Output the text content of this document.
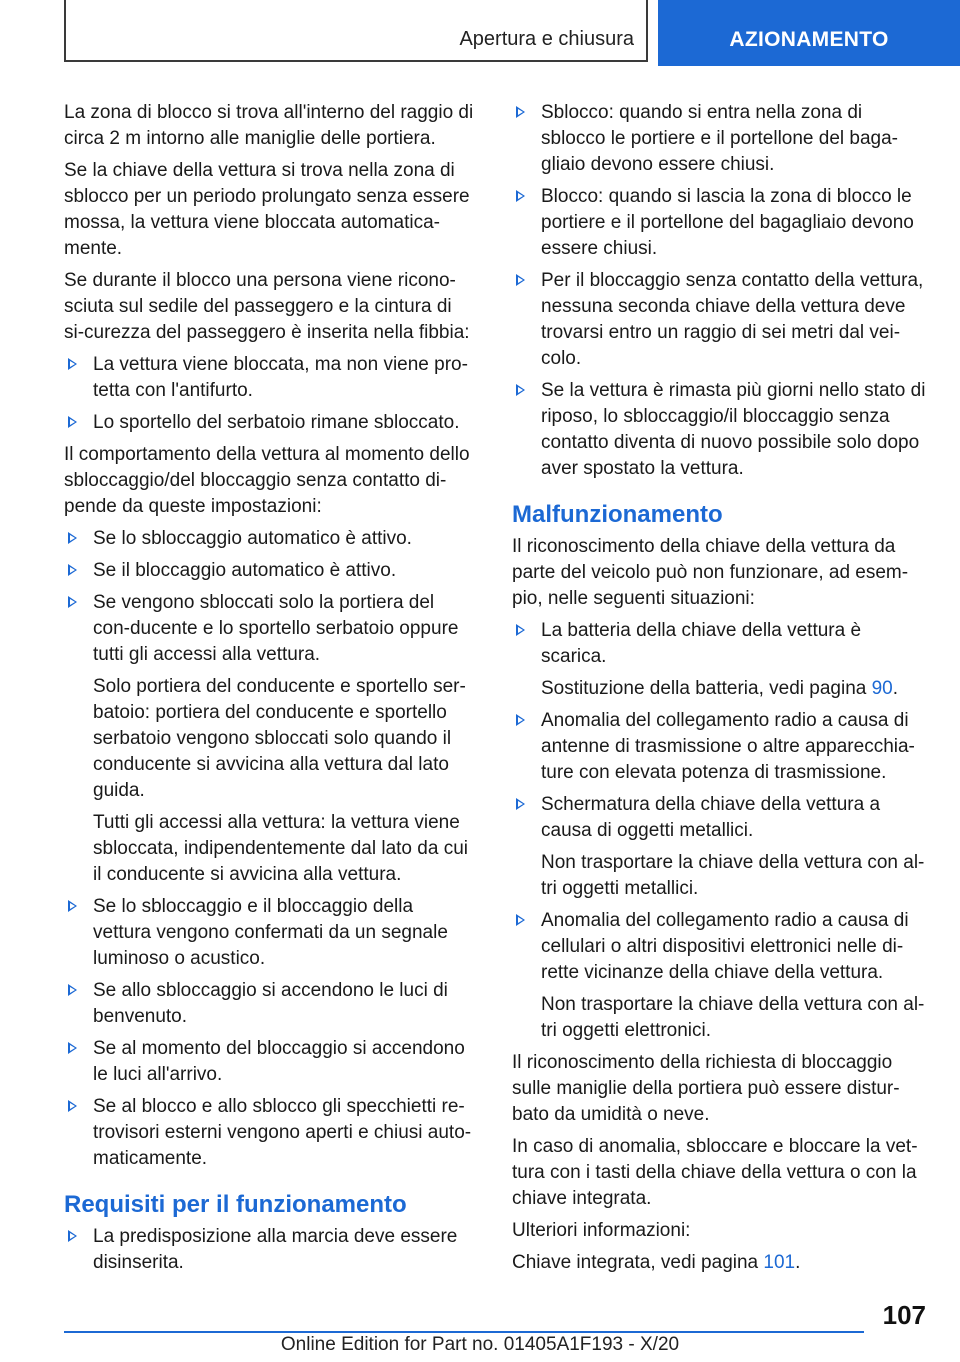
Apertura e chiusura	AZIONAMENTO

La zona di blocco si trova all'interno del raggio di circa 2 m intorno alle maniglie delle portiera.

Se la chiave della vettura si trova nella zona di sblocco per un periodo prolungato senza essere mossa, la vettura viene bloccata automatica-mente.

Se durante il blocco una persona viene ricono-sciuta sul sedile del passeggero e la cintura di si-curezza del passeggero è inserita nella fibbia:

La vettura viene bloccata, ma non viene pro-tetta con l'antifurto.
Lo sportello del serbatoio rimane sbloccato.

Il comportamento della vettura al momento dello sbloccaggio/del bloccaggio senza contatto di-pende da queste impostazioni:

Se lo sbloccaggio automatico è attivo.
Se il bloccaggio automatico è attivo.
Se vengono sbloccati solo la portiera del con-ducente e lo sportello serbatoio oppure tutti gli accessi alla vettura.
Solo portiera del conducente e sportello ser-batoio: portiera del conducente e sportello serbatoio vengono sbloccati solo quando il conducente si avvicina alla vettura dal lato guida.
Tutti gli accessi alla vettura: la vettura viene sbloccata, indipendentemente dal lato da cui il conducente si avvicina alla vettura.
Se lo sbloccaggio e il bloccaggio della vettura vengono confermati da un segnale luminoso o acustico.
Se allo sbloccaggio si accendono le luci di benvenuto.
Se al momento del bloccaggio si accendono le luci all'arrivo.
Se al blocco e allo sblocco gli specchietti re-trovisori esterni vengono aperti e chiusi auto-maticamente.
Requisiti per il funzionamento
La predisposizione alla marcia deve essere disinserita.
Sblocco: quando si entra nella zona di sblocco le portiere e il portellone del baga-gliaio devono essere chiusi.
Blocco: quando si lascia la zona di blocco le portiere e il portellone del bagagliaio devono essere chiusi.
Per il bloccaggio senza contatto della vettura, nessuna seconda chiave della vettura deve trovarsi entro un raggio di sei metri dal vei-colo.
Se la vettura è rimasta più giorni nello stato di riposo, lo sbloccaggio/il bloccaggio senza contatto diventa di nuovo possibile solo dopo aver spostato la vettura.
Malfunzionamento

Il riconoscimento della chiave della vettura da parte del veicolo può non funzionare, ad esem-pio, nelle seguenti situazioni:

La batteria della chiave della vettura è scarica.
Sostituzione della batteria, vedi pagina 90.
Anomalia del collegamento radio a causa di antenne di trasmissione o altre apparecchia-ture con elevata potenza di trasmissione.
Schermatura della chiave della vettura a causa di oggetti metallici.
Non trasportare la chiave della vettura con al-tri oggetti metallici.
Anomalia del collegamento radio a causa di cellulari o altri dispositivi elettronici nelle di-rette vicinanze della chiave della vettura.
Non trasportare la chiave della vettura con al-tri oggetti elettronici.

Il riconoscimento della richiesta di bloccaggio sulle maniglie della portiera può essere distur-bato da umidità o neve.

In caso di anomalia, sbloccare e bloccare la vet-tura con i tasti della chiave della vettura o con la chiave integrata.

Ulteriori informazioni:

Chiave integrata, vedi pagina 101.

107
Online Edition for Part no. 01405A1F193 - X/20
